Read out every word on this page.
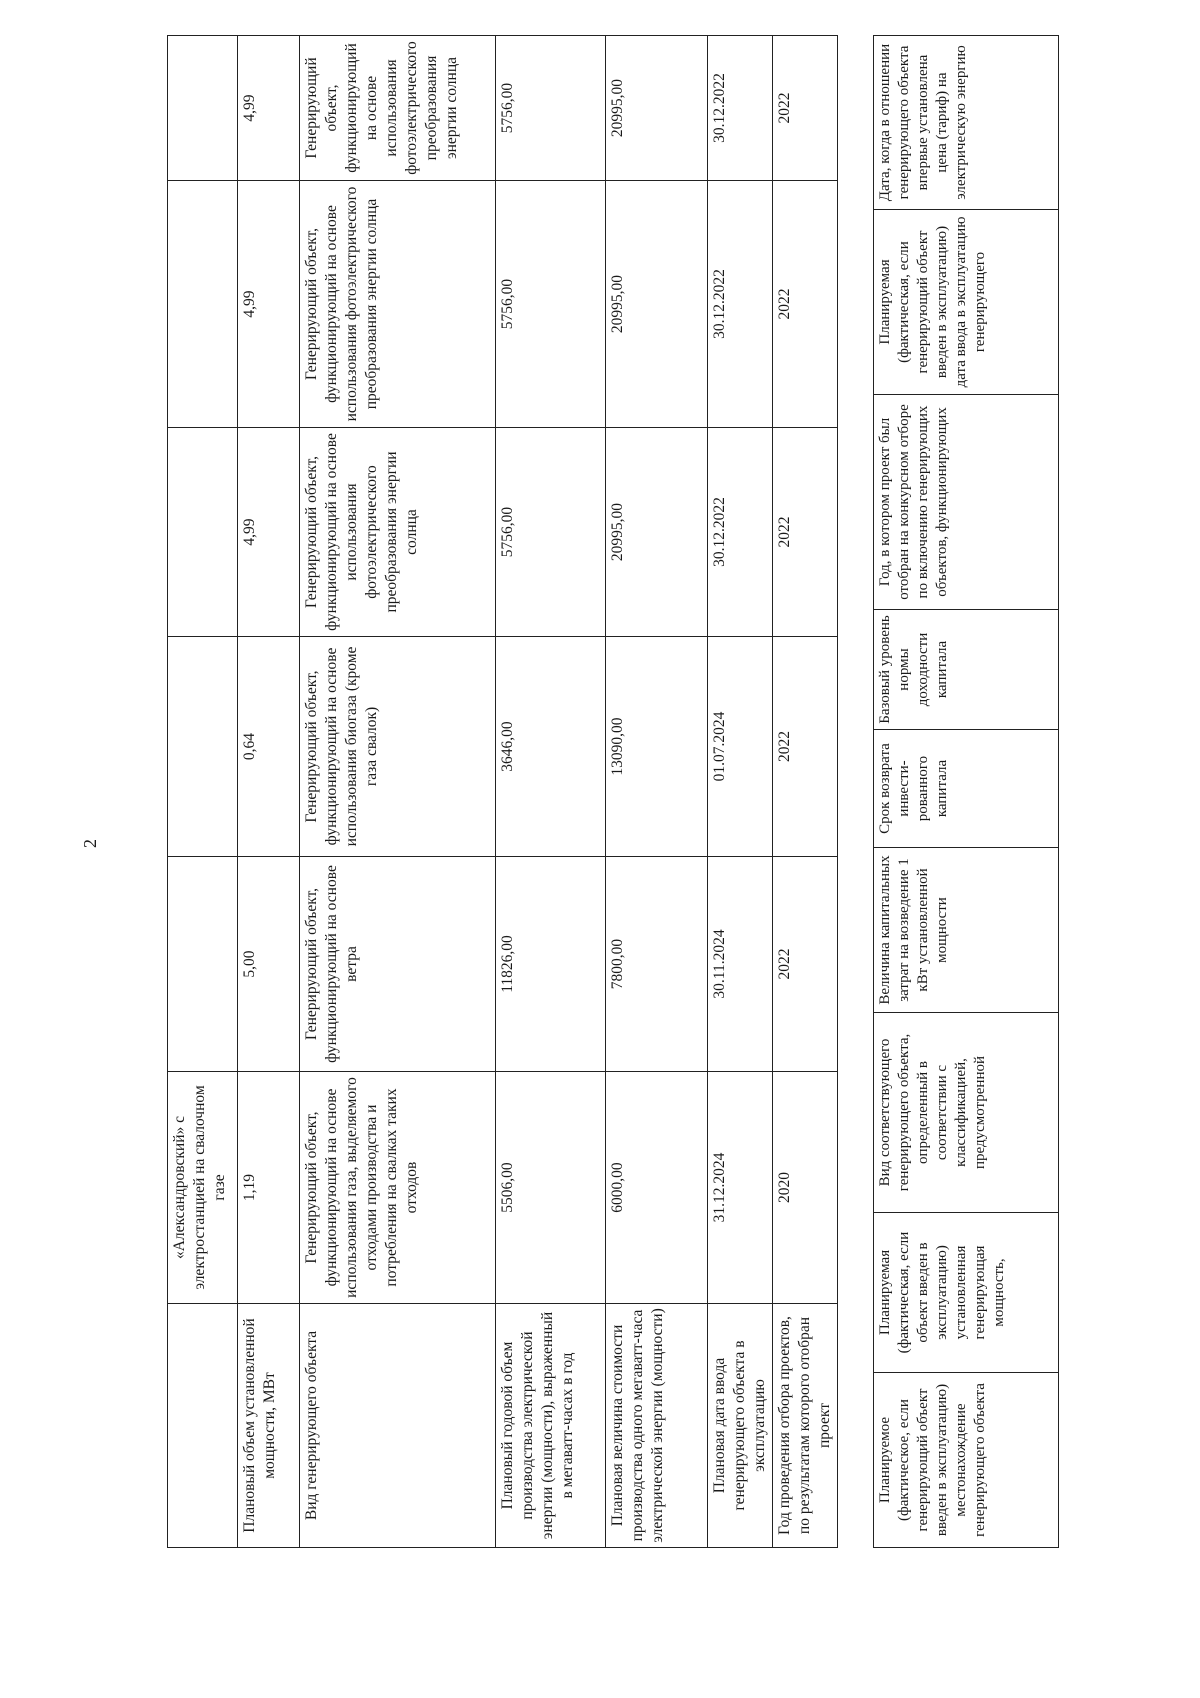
2
	«Александровский» с электростанцией на свалочном газе					
Плановый объем установленной мощности, МВт	1,19	5,00	0,64	4,99	4,99	4,99
Вид генерирующего объекта	Генерирующий объект, функционирующий на основе использования газа, выделяемого отходами производства и потребления на свалках таких отходов	Генерирующий объект, функционирующий на основе ветра	Генерирующий объект, функционирующий на основе использования биогаза (кроме газа свалок)	Генерирующий объект, функционирующий на основе использования фотоэлектрического преобразования энергии солнца	Генерирующий объект, функционирующий на основе использования фотоэлектрического преобразования энергии солнца	Генерирующий объект, функционирующий на основе использования фотоэлектрического преобразования энергии солнца
Плановый годовой объем производства электрической энергии (мощности), выраженный в мегаватт-часах в год	5506,00	11826,00	3646,00	5756,00	5756,00	5756,00
Плановая величина стоимости производства одного мегаватт-часа электрической энергии (мощности)	6000,00	7800,00	13090,00	20995,00	20995,00	20995,00
Плановая дата ввода генерирующего объекта в эксплуатацию	31.12.2024	30.11.2024	01.07.2024	30.12.2022	30.12.2022	30.12.2022
Год проведения отбора проектов, по результатам которого отобран проект	2020	2022	2022	2022	2022	2022
Планируемое (фактическое, если генерирующий объект введен в эксплуатацию) местонахождение генерирующего объекта	Планируемая (фактическая, если объект введен в эксплуатацию) установленная генерирующая мощность,	Вид соответствующего генерирующего объекта, определенный в соответствии с классификацией, предусмотренной	Величина капитальных затрат на возведение 1 кВт установленной мощности	Срок возврата инвести-рованного капитала	Базовый уровень нормы доходности капитала	Год, в котором проект был отобран на конкурсном отборе по включению генерирующих объектов, функционирующих	Планируемая (фактическая, если генерирующий объект введен в эксплуатацию) дата ввода в эксплуатацию генерирующего	Дата, когда в отношении генерирующего объекта впервые установлена цена (тариф) на электрическую энергию
